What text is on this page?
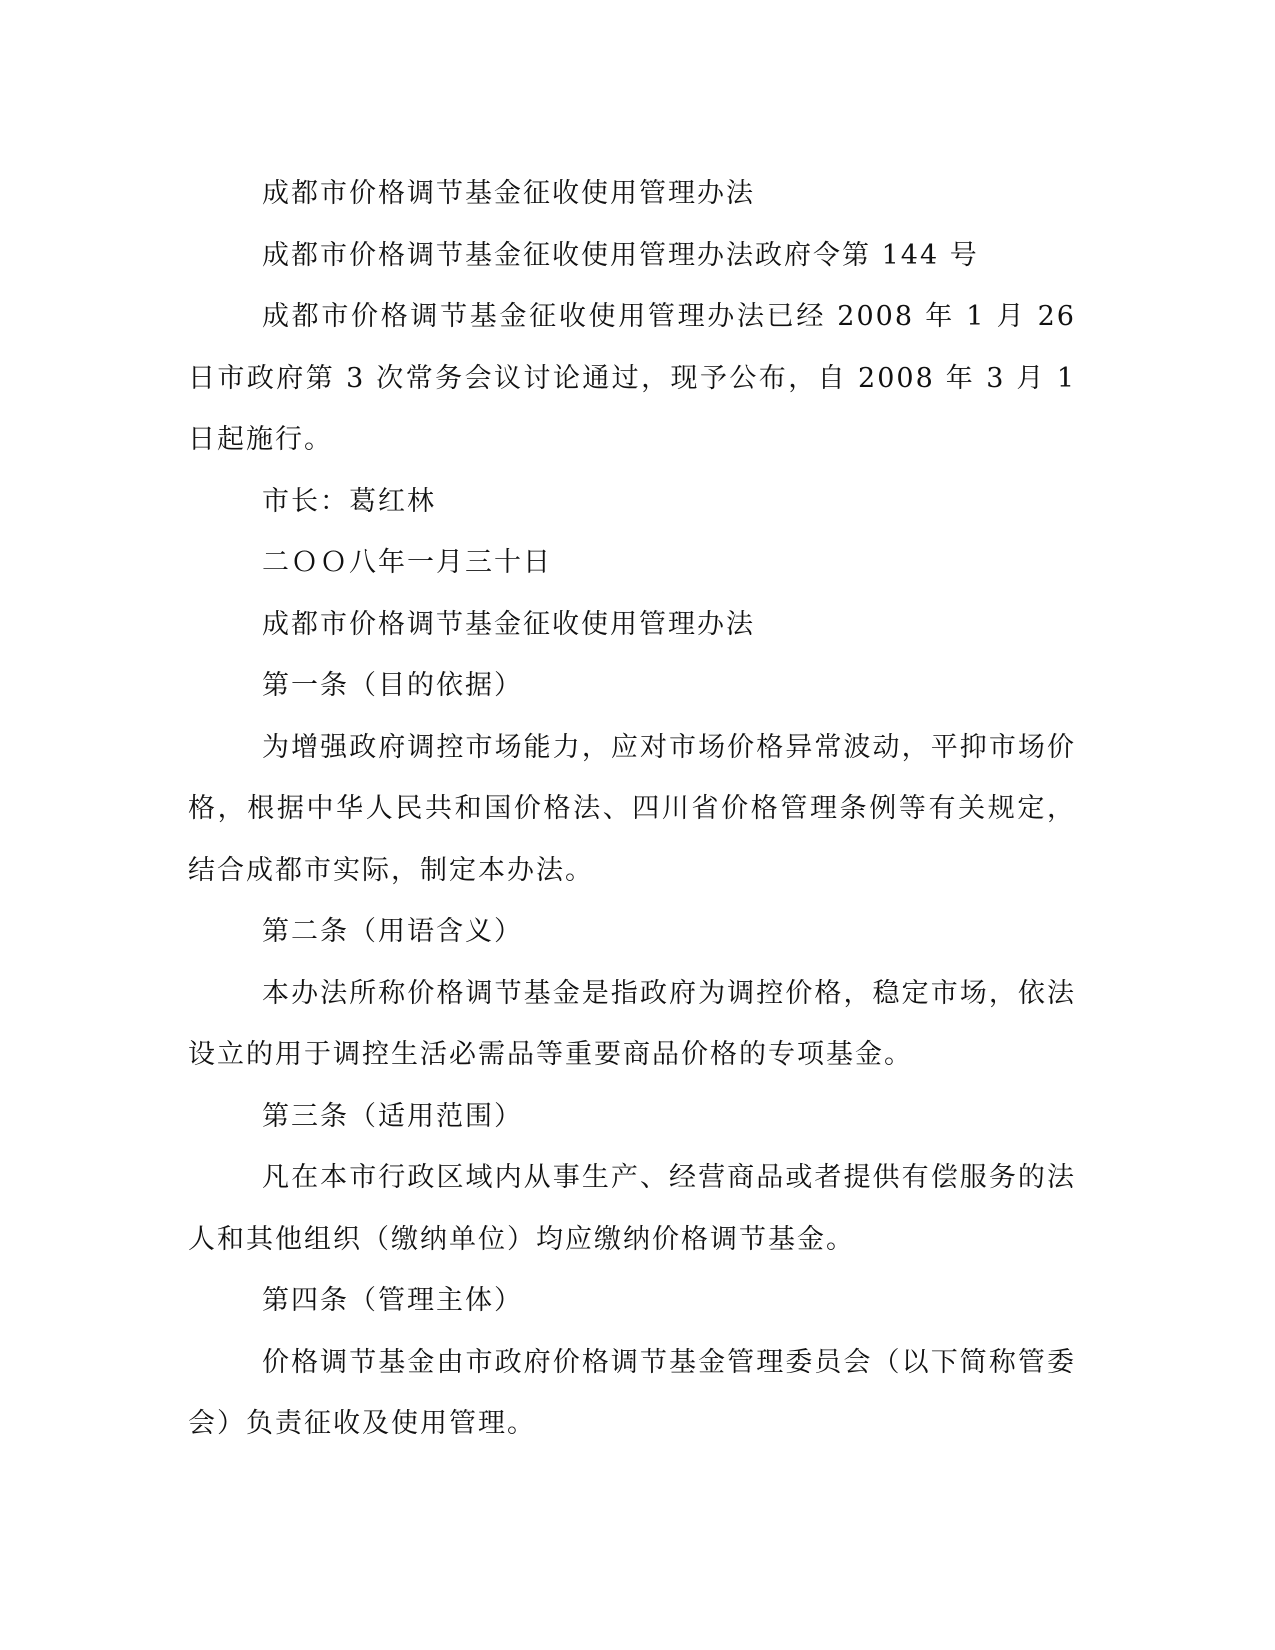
成都市价格调节基金征收使用管理办法

成都市价格调节基金征收使用管理办法政府令第 144 号

成都市价格调节基金征收使用管理办法已经 2008 年 1 月 26 日市政府第 3 次常务会议讨论通过，现予公布，自 2008 年 3 月 1 日起施行。

市长：葛红林

二ＯＯ八年一月三十日

成都市价格调节基金征收使用管理办法

第一条（目的依据）

为增强政府调控市场能力，应对市场价格异常波动，平抑市场价格，根据中华人民共和国价格法、四川省价格管理条例等有关规定，结合成都市实际，制定本办法。

第二条（用语含义）

本办法所称价格调节基金是指政府为调控价格，稳定市场，依法设立的用于调控生活必需品等重要商品价格的专项基金。

第三条（适用范围）

凡在本市行政区域内从事生产、经营商品或者提供有偿服务的法人和其他组织（缴纳单位）均应缴纳价格调节基金。

第四条（管理主体）

价格调节基金由市政府价格调节基金管理委员会（以下简称管委会）负责征收及使用管理。
